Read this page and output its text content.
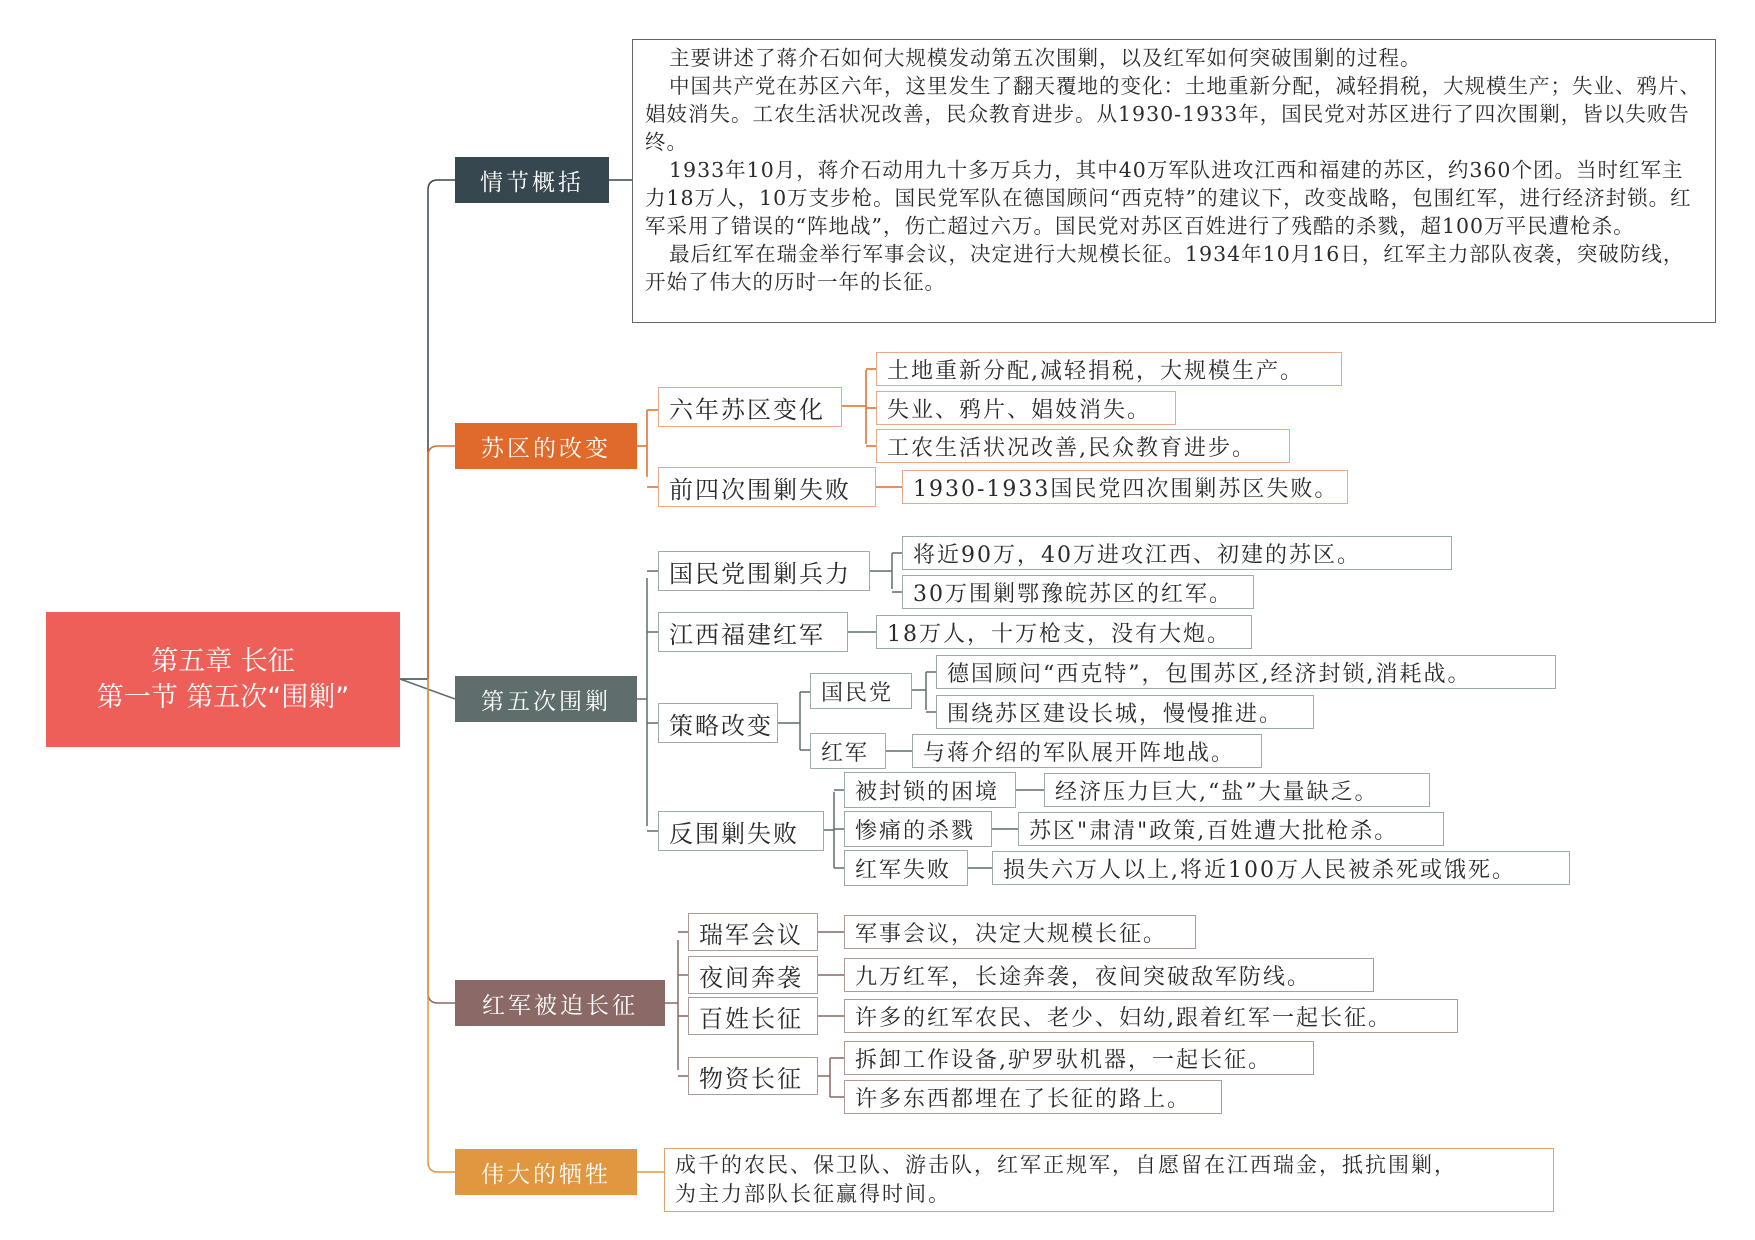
第五章 长征
第一节 第五次“围剿”
情节概括
苏区的改变
第五次围剿
红军被迫长征
伟大的牺牲

主要讲述了蒋介石如何大规模发动第五次围剿，以及红军如何突破围剿的过程。

中国共产党在苏区六年，这里发生了翻天覆地的变化：土地重新分配，减轻捐税，大规模生产；失业、鸦片、娼妓消失。工农生活状况改善，民众教育进步。从1930-1933年，国民党对苏区进行了四次围剿，皆以失败告终。

1933年10月，蒋介石动用九十多万兵力，其中40万军队进攻江西和福建的苏区，约360个团。当时红军主力18万人，10万支步枪。国民党军队在德国顾问“西克特”的建议下，改变战略，包围红军，进行经济封锁。红军采用了错误的“阵地战”，伤亡超过六万。国民党对苏区百姓进行了残酷的杀戮，超100万平民遭枪杀。

最后红军在瑞金举行军事会议，决定进行大规模长征。1934年10月16日，红军主力部队夜袭，突破防线，开始了伟大的历时一年的长征。

六年苏区变化
土地重新分配,减轻捐税，大规模生产。
失业、鸦片、娼妓消失。
工农生活状况改善,民众教育进步。
前四次围剿失败	1930-1933国民党四次围剿苏区失败。
国民党围剿兵力
将近90万，40万进攻江西、初建的苏区。
30万围剿鄂豫皖苏区的红军。
江西福建红军	18万人，十万枪支，没有大炮。
策略改变
国民党
德国顾问“西克特”，包围苏区,经济封锁,消耗战。
围绕苏区建设长城，慢慢推进。
红军	与蒋介绍的军队展开阵地战。
反围剿失败
被封锁的困境	经济压力巨大,“盐”大量缺乏。
惨痛的杀戮	苏区"肃清"政策,百姓遭大批枪杀。
红军失败	损失六万人以上,将近100万人民被杀死或饿死。
瑞军会议	军事会议，决定大规模长征。
夜间奔袭	九万红军，长途奔袭，夜间突破敌军防线。
百姓长征	许多的红军农民、老少、妇幼,跟着红军一起长征。
物资长征
拆卸工作设备,驴罗驮机器，一起长征。
许多东西都埋在了长征的路上。
成千的农民、保卫队、游击队，红军正规军，自愿留在江西瑞金，抵抗围剿，
为主力部队长征赢得时间。
